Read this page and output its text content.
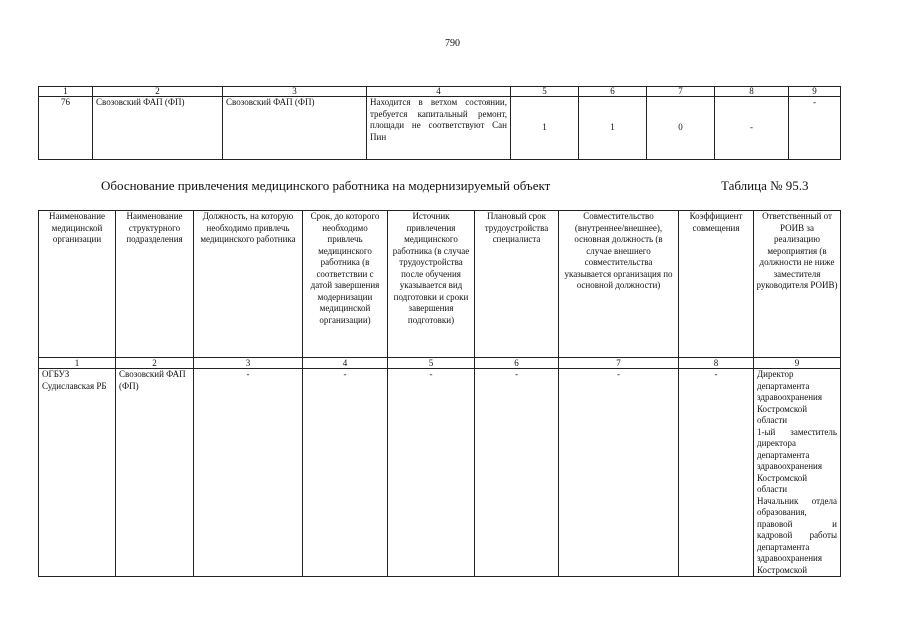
790
1	2	3	4	5	6	7	8	9
76	Свозовский ФАП (ФП)	Свозовский ФАП (ФП)	Находится в ветхом состоянии, требуется капитальный ремонт, площади не соответствуют Сан Пин	1	1	0	-	-
Обоснование привлечения медицинского работника на модернизируемый объект	Таблица № 95.3
Наименование медицинской организации	Наименование структурного подразделения	Должность, на которую необходимо привлечь медицинского работника	Срок, до которого необходимо привлечь медицинского работника (в соответствии с датой завершения модернизации медицинской организации)	Источник привлечения медицинского работника (в случае трудоустройства после обучения указывается вид подготовки и сроки завершения подготовки)	Плановый срок трудоустройства специалиста	Совместительство (внутреннее/внешнее), основная должность (в случае внешнего совместительства указывается организация по основной должности)	Коэффициент совмещения	Ответственный от РОИВ за реализацию мероприятия (в должности не ниже заместителя руководителя РОИВ)
1	2	3	4	5	6	7	8	9
ОГБУЗ Судиславская РБ	Свозовский ФАП (ФП)	-	-	-	-	-	-	Директор департамента здравоохранения Костромской области
1-ый заместитель директора департамента здравоохранения Костромской области
Начальник отдела образования, правовой и кадровой работы департамента здравоохранения Костромской
